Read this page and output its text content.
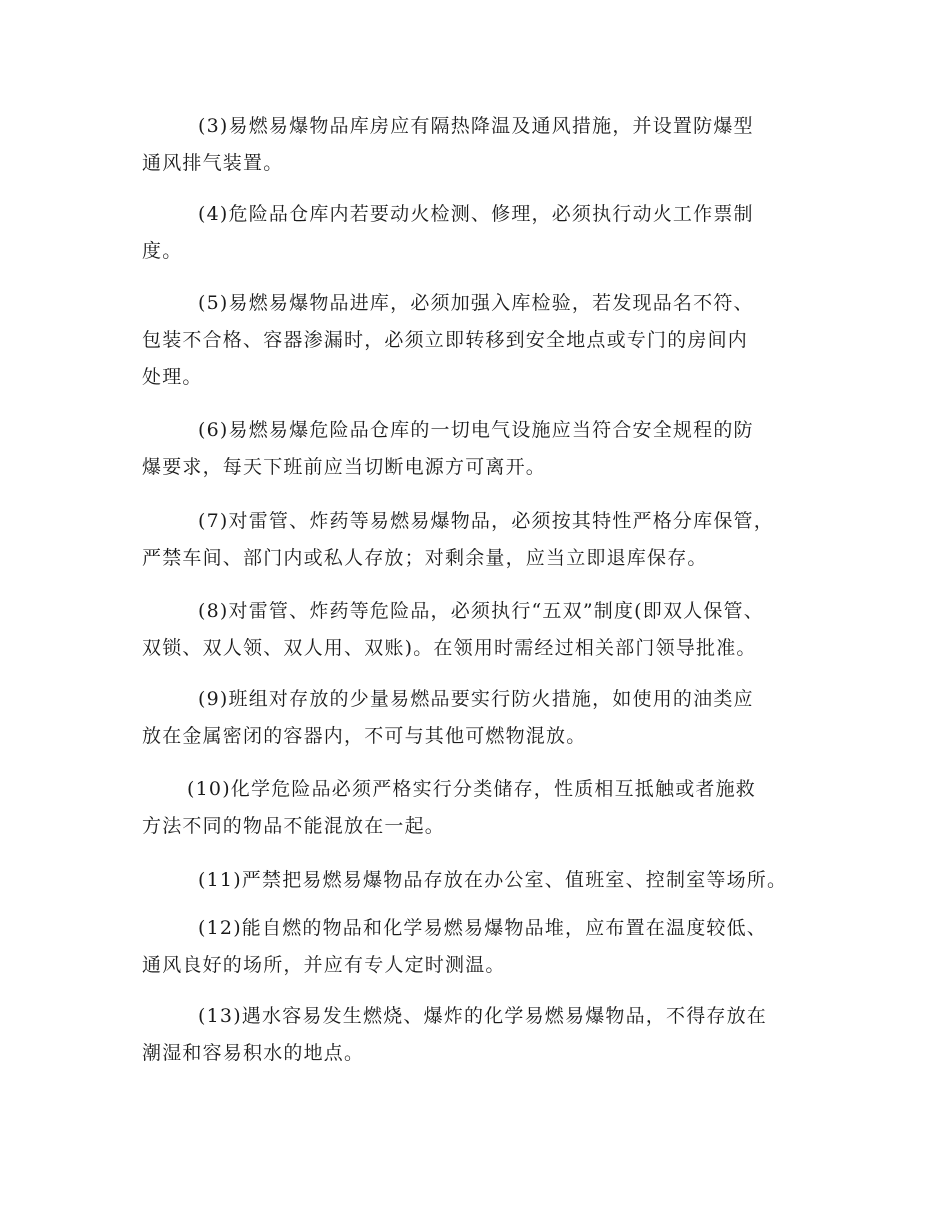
(3)易燃易爆物品库房应有隔热降温及通风措施，并设置防爆型
通风排气装置。
(4)危险品仓库内若要动火检测、修理，必须执行动火工作票制
度。
(5)易燃易爆物品进库，必须加强入库检验，若发现品名不符、
包装不合格、容器渗漏时，必须立即转移到安全地点或专门的房间内
处理。
(6)易燃易爆危险品仓库的一切电气设施应当符合安全规程的防
爆要求，每天下班前应当切断电源方可离开。
(7)对雷管、炸药等易燃易爆物品，必须按其特性严格分库保管，
严禁车间、部门内或私人存放；对剩余量，应当立即退库保存。
(8)对雷管、炸药等危险品，必须执行“五双”制度(即双人保管、
双锁、双人领、双人用、双账)。在领用时需经过相关部门领导批准。
(9)班组对存放的少量易燃品要实行防火措施，如使用的油类应
放在金属密闭的容器内，不可与其他可燃物混放。
(10)化学危险品必须严格实行分类储存，性质相互抵触或者施救
方法不同的物品不能混放在一起。
(11)严禁把易燃易爆物品存放在办公室、值班室、控制室等场所。
(12)能自燃的物品和化学易燃易爆物品堆，应布置在温度较低、
通风良好的场所，并应有专人定时测温。
(13)遇水容易发生燃烧、爆炸的化学易燃易爆物品，不得存放在
潮湿和容易积水的地点。
